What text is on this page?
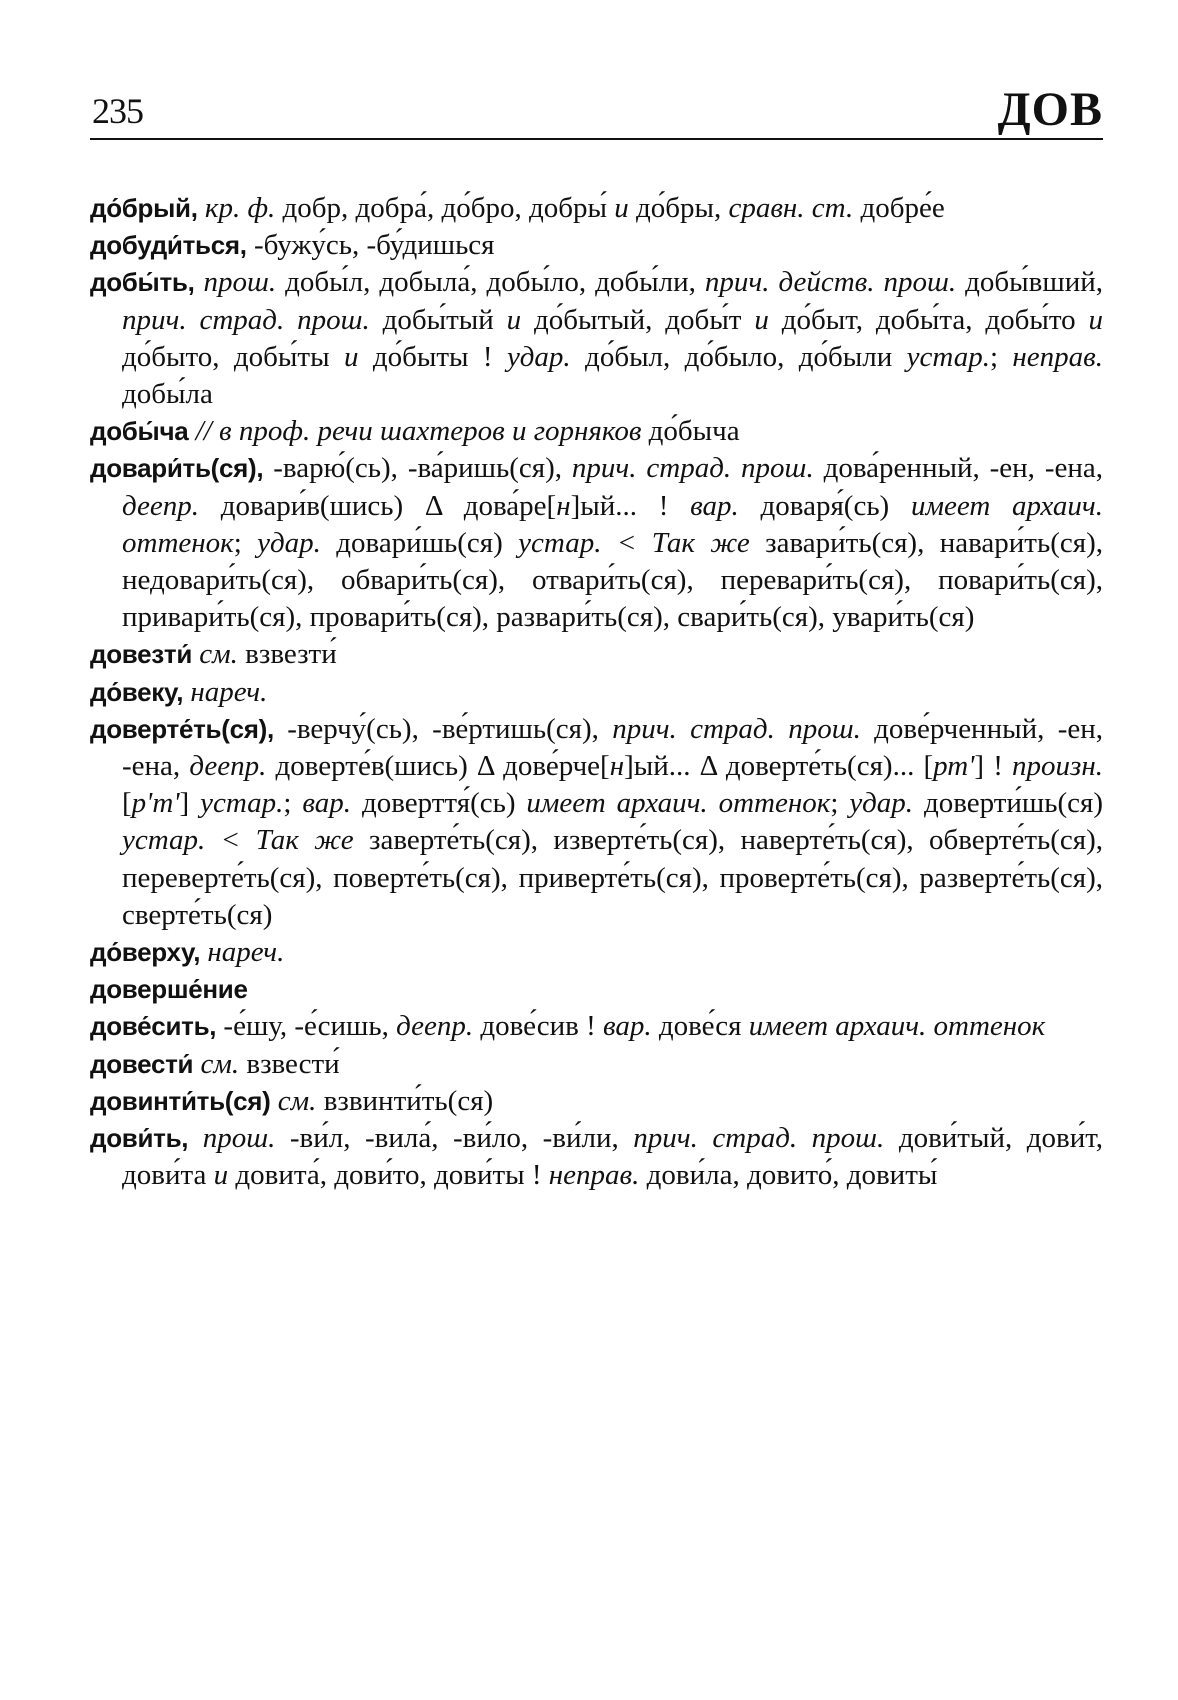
235	ДОВ

до́брый, кр. ф. добр, добра́, до́бро, добры́ и до́бры, сравн. ст. добре́е

добуди́ться, -бужу́сь, -бу́дишься

добы́ть, прош. добы́л, добыла́, добы́ло, добы́ли, прич. действ. прош. добы́вший, прич. страд. прош. добы́тый и до́бытый, добы́т и до́быт, добы́та, добы́то и до́быто, добы́ты и до́быты ! удар. до́был, до́было, до́были устар.; неправ. добы́ла

добы́ча // в проф. речи шахтеров и горняков до́быча

довари́ть(ся), -варю́(сь), -ва́ришь(ся), прич. страд. прош. дова́ренный, -ен, -ена, деепр. довари́в(шись) Δ дова́ре[н]ый... ! вар. доваря́(сь) имеет архаич. оттенок; удар. довари́шь(ся) устар. < Так же завари́ть(ся), навари́ть(ся), недовари́ть(ся), обвари́ть(ся), отвари́ть(ся), перевари́ть(ся), повари́ть(ся), привари́ть(ся), провари́ть(ся), развари́ть(ся), свари́ть(ся), увари́ть(ся)

довезти́ см. взвезти́

до́веку, нареч.

доверте́ть(ся), -верчу́(сь), -ве́ртишь(ся), прич. страд. прош. дове́рченный, -ен, -ена, деепр. доверте́в(шись) Δ дове́рче[н]ый... Δ доверте́ть(ся)... [рт'] ! произн. [р'т'] устар.; вар. доверття́(сь) имеет архаич. оттенок; удар. доверти́шь(ся) устар. < Так же заверте́ть(ся), изверте́ть(ся), наверте́ть(ся), обверте́ть(ся), переверте́ть(ся), поверте́ть(ся), приверте́ть(ся), проверте́ть(ся), разверте́ть(ся), сверте́ть(ся)

до́верху, нареч.

доверше́ние

дове́сить, -е́шу, -е́сишь, деепр. дове́сив ! вар. дове́ся имеет архаич. оттенок

довести́ см. взвести́

довинти́ть(ся) см. взвинти́ть(ся)

дови́ть, прош. -ви́л, -вила́, -ви́ло, -ви́ли, прич. страд. прош. дови́тый, дови́т, дови́та и довита́, дови́то, дови́ты ! неправ. дови́ла, довито́, довиты́
